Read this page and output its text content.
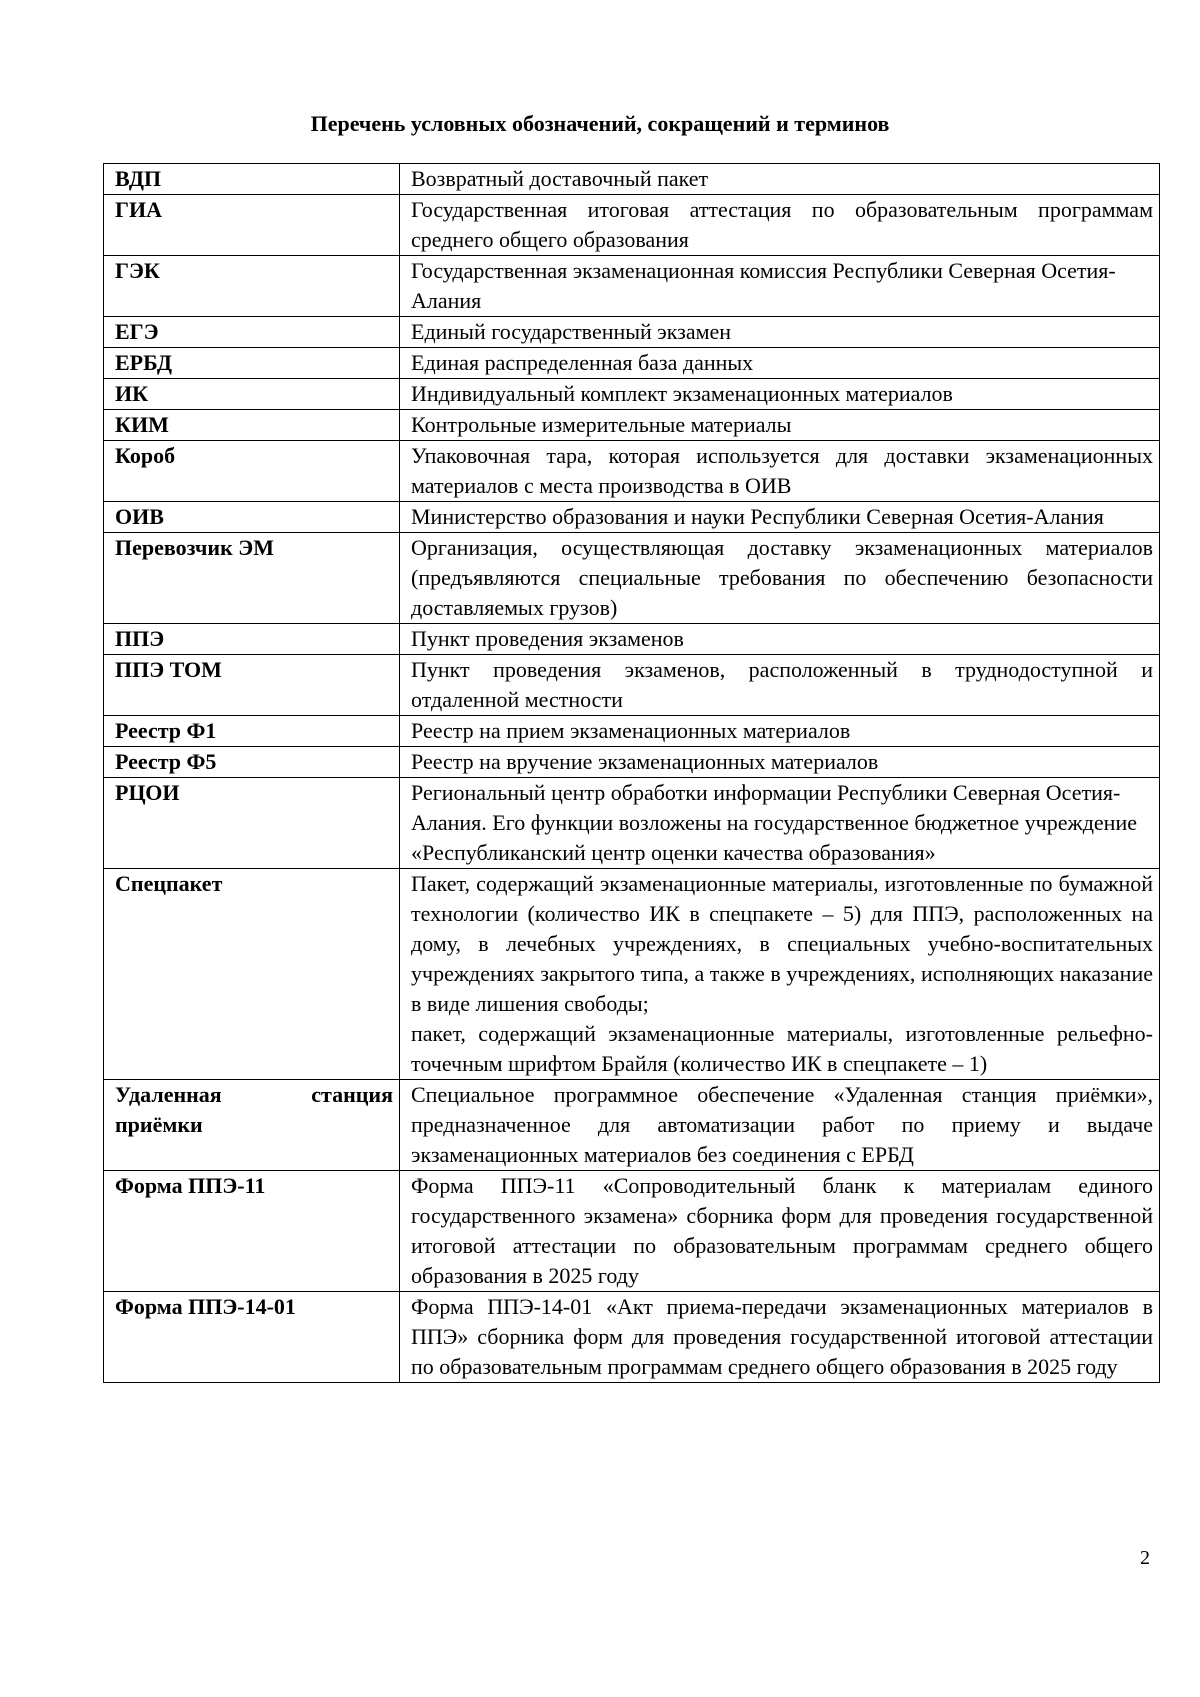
Перечень условных обозначений, сокращений и терминов
ВДП	Возвратный доставочный пакет

ГИА	Государственная итоговая аттестация по образовательным программам среднего общего образования

ГЭК	Государственная экзаменационная комиссия Республики Северная Осетия-Алания

ЕГЭ	Единый государственный экзамен

ЕРБД	Единая распределенная база данных

ИК	Индивидуальный комплект экзаменационных материалов

КИМ	Контрольные измерительные материалы

Короб	Упаковочная тара, которая используется для доставки экзаменационных материалов с места производства в ОИВ

ОИВ	Министерство образования и науки Республики Северная Осетия-Алания

Перевозчик ЭМ	Организация, осуществляющая доставку экзаменационных материалов (предъявляются специальные требования по обеспечению безопасности доставляемых грузов)

ППЭ	Пункт проведения экзаменов

ППЭ ТОМ	Пункт проведения экзаменов, расположенный в труднодоступной и отдаленной местности

Реестр Ф1	Реестр на прием экзаменационных материалов

Реестр Ф5	Реестр на вручение экзаменационных материалов

РЦОИ	Региональный центр обработки информации Республики Северная Осетия-Алания. Его функции возложены на государственное бюджетное учреждение «Республиканский центр оценки качества образования»

Спецпакет	Пакет, содержащий экзаменационные материалы, изготовленные по бумажной технологии (количество ИК в спецпакете – 5) для ППЭ, расположенных на дому, в лечебных учреждениях, в специальных учебно-воспитательных учреждениях закрытого типа, а также в учреждениях, исполняющих наказание в виде лишения свободы;
пакет, содержащий экзаменационные материалы, изготовленные рельефно-точечным шрифтом Брайля (количество ИК в спецпакете – 1)

Удаленная станция приёмки	Специальное программное обеспечение «Удаленная станция приёмки», предназначенное для автоматизации работ по приему и выдаче экзаменационных материалов без соединения с ЕРБД

Форма ППЭ-11	Форма ППЭ-11 «Сопроводительный бланк к материалам единого государственного экзамена» сборника форм для проведения государственной итоговой аттестации по образовательным программам среднего общего образования в 2025 году

Форма ППЭ-14-01	Форма ППЭ-14-01 «Акт приема-передачи экзаменационных материалов в ППЭ» сборника форм для проведения государственной итоговой аттестации по образовательным программам среднего общего образования в 2025 году
2
